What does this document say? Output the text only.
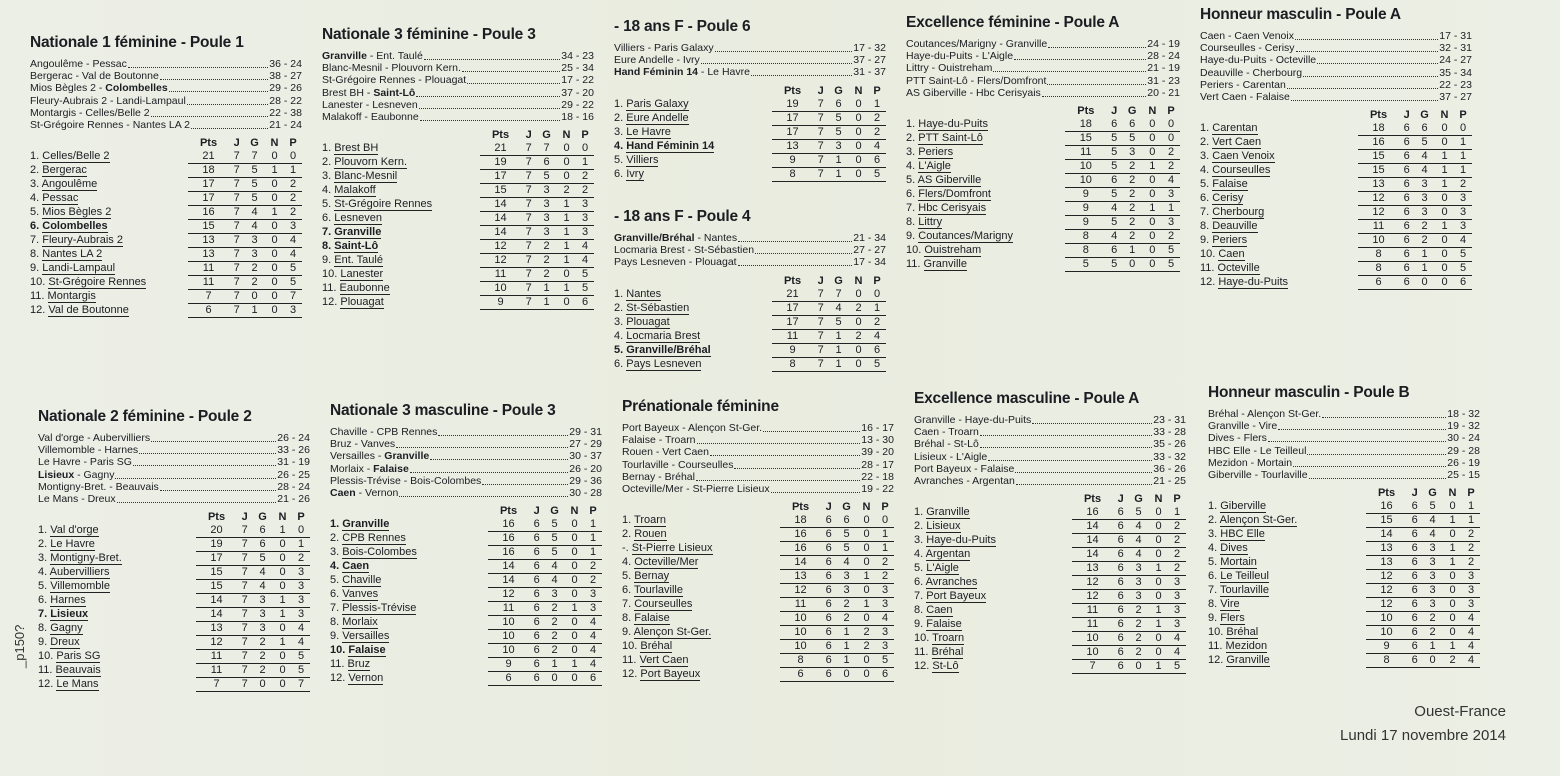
Nationale 1 féminine - Poule 1
Angoulême - Pessac	36 - 24
Bergerac - Val de Boutonne	38 - 27
Mios Bègles 2 - Colombelles	29 - 26
Fleury-Aubrais 2 - Landi-Lampaul	28 - 22
Montargis - Celles/Belle 2	22 - 38
St-Grégoire Rennes - Nantes LA 2	21 - 24
	Pts	J	G	N	P
1. Celles/Belle 2	21	7	7	0	0
2. Bergerac	18	7	5	1	1
3. Angoulême	17	7	5	0	2
4. Pessac	17	7	5	0	2
5. Mios Bègles 2	16	7	4	1	2
6. Colombelles	15	7	4	0	3
7. Fleury-Aubrais 2	13	7	3	0	4
8. Nantes LA 2	13	7	3	0	4
9. Landi-Lampaul	11	7	2	0	5
10. St-Grégoire Rennes	11	7	2	0	5
11. Montargis	7	7	0	0	7
12. Val de Boutonne	6	7	1	0	3
Nationale 3 féminine - Poule 3
Granville - Ent. Taulé	34 - 23
Blanc-Mesnil - Plouvorn Kern.	25 - 34
St-Grégoire Rennes - Plouagat	17 - 22
Brest BH - Saint-Lô	37 - 20
Lanester - Lesneven	29 - 22
Malakoff - Eaubonne	18 - 16
	Pts	J	G	N	P
1. Brest BH	21	7	7	0	0
2. Plouvorn Kern.	19	7	6	0	1
3. Blanc-Mesnil	17	7	5	0	2
4. Malakoff	15	7	3	2	2
5. St-Grégoire Rennes	14	7	3	1	3
6. Lesneven	14	7	3	1	3
7. Granville	14	7	3	1	3
8. Saint-Lô	12	7	2	1	4
9. Ent. Taulé	12	7	2	1	4
10. Lanester	11	7	2	0	5
11. Eaubonne	10	7	1	1	5
12. Plouagat	9	7	1	0	6
- 18 ans F - Poule 6
Villiers - Paris Galaxy	17 - 32
Eure Andelle - Ivry	37 - 27
Hand Féminin 14 - Le Havre	31 - 37
	Pts	J	G	N	P
1. Paris Galaxy	19	7	6	0	1
2. Eure Andelle	17	7	5	0	2
3. Le Havre	17	7	5	0	2
4. Hand Féminin 14	13	7	3	0	4
5. Villiers	9	7	1	0	6
6. Ivry	8	7	1	0	5
Excellence féminine - Poule A
Coutances/Marigny - Granville	24 - 19
Haye-du-Puits - L'Aigle	28 - 24
Littry - Ouistreham	21 - 19
PTT Saint-Lô - Flers/Domfront	31 - 23
AS Giberville - Hbc Cerisyais	20 - 21
	Pts	J	G	N	P
1. Haye-du-Puits	18	6	6	0	0
2. PTT Saint-Lô	15	5	5	0	0
3. Periers	11	5	3	0	2
4. L'Aigle	10	5	2	1	2
5. AS Giberville	10	6	2	0	4
6. Flers/Domfront	9	5	2	0	3
7. Hbc Cerisyais	9	4	2	1	1
8. Littry	9	5	2	0	3
9. Coutances/Marigny	8	4	2	0	2
10. Ouistreham	8	6	1	0	5
11. Granville	5	5	0	0	5
Honneur masculin - Poule A
Caen - Caen Venoix	17 - 31
Courseulles - Cerisy	32 - 31
Haye-du-Puits - Octeville	24 - 27
Deauville - Cherbourg	35 - 34
Periers - Carentan	22 - 23
Vert Caen - Falaise	37 - 27
	Pts	J	G	N	P
1. Carentan	18	6	6	0	0
2. Vert Caen	16	6	5	0	1
3. Caen Venoix	15	6	4	1	1
4. Courseulles	15	6	4	1	1
5. Falaise	13	6	3	1	2
6. Cerisy	12	6	3	0	3
7. Cherbourg	12	6	3	0	3
8. Deauville	11	6	2	1	3
9. Periers	10	6	2	0	4
10. Caen	8	6	1	0	5
11. Octeville	8	6	1	0	5
12. Haye-du-Puits	6	6	0	0	6
- 18 ans F - Poule 4
Granville/Bréhal - Nantes	21 - 34
Locmaria Brest - St-Sébastien	27 - 27
Pays Lesneven - Plouagat	17 - 34
	Pts	J	G	N	P
1. Nantes	21	7	7	0	0
2. St-Sébastien	17	7	4	2	1
3. Plouagat	17	7	5	0	2
4. Locmaria Brest	11	7	1	2	4
5. Granville/Bréhal	9	7	1	0	6
6. Pays Lesneven	8	7	1	0	5
Nationale 2 féminine - Poule 2
Val d'orge - Aubervilliers	26 - 24
Villemomble - Harnes	33 - 26
Le Havre - Paris SG	31 - 19
Lisieux - Gagny	26 - 25
Montigny-Bret. - Beauvais	28 - 24
Le Mans - Dreux	21 - 26
	Pts	J	G	N	P
1. Val d'orge	20	7	6	1	0
2. Le Havre	19	7	6	0	1
3. Montigny-Bret.	17	7	5	0	2
4. Aubervilliers	15	7	4	0	3
5. Villemomble	15	7	4	0	3
6. Harnes	14	7	3	1	3
7. Lisieux	14	7	3	1	3
8. Gagny	13	7	3	0	4
9. Dreux	12	7	2	1	4
10. Paris SG	11	7	2	0	5
11. Beauvais	11	7	2	0	5
12. Le Mans	7	7	0	0	7
Nationale 3 masculine - Poule 3
Chaville - CPB Rennes	29 - 31
Bruz - Vanves	27 - 29
Versailles - Granville	30 - 37
Morlaix - Falaise	26 - 20
Plessis-Trévise - Bois-Colombes	29 - 36
Caen - Vernon	30 - 28
	Pts	J	G	N	P
1. Granville	16	6	5	0	1
2. CPB Rennes	16	6	5	0	1
3. Bois-Colombes	16	6	5	0	1
4. Caen	14	6	4	0	2
5. Chaville	14	6	4	0	2
6. Vanves	12	6	3	0	3
7. Plessis-Trévise	11	6	2	1	3
8. Morlaix	10	6	2	0	4
9. Versailles	10	6	2	0	4
10. Falaise	10	6	2	0	4
11. Bruz	9	6	1	1	4
12. Vernon	6	6	0	0	6
Prénationale féminine
Port Bayeux - Alençon St-Ger.	16 - 17
Falaise - Troarn	13 - 30
Rouen - Vert Caen	39 - 20
Tourlaville - Courseulles	28 - 17
Bernay - Bréhal	22 - 18
Octeville/Mer - St-Pierre Lisieux	19 - 22
	Pts	J	G	N	P
1. Troarn	18	6	6	0	0
2. Rouen	16	6	5	0	1
-. St-Pierre Lisieux	16	6	5	0	1
4. Octeville/Mer	14	6	4	0	2
5. Bernay	13	6	3	1	2
6. Tourlaville	12	6	3	0	3
7. Courseulles	11	6	2	1	3
8. Falaise	10	6	2	0	4
9. Alençon St-Ger.	10	6	1	2	3
10. Bréhal	10	6	1	2	3
11. Vert Caen	8	6	1	0	5
12. Port Bayeux	6	6	0	0	6
Excellence masculine - Poule A
Granville - Haye-du-Puits	23 - 31
Caen - Troarn	33 - 28
Bréhal - St-Lô	35 - 26
Lisieux - L'Aigle	33 - 32
Port Bayeux - Falaise	36 - 26
Avranches - Argentan	21 - 25
	Pts	J	G	N	P
1. Granville	16	6	5	0	1
2. Lisieux	14	6	4	0	2
3. Haye-du-Puits	14	6	4	0	2
4. Argentan	14	6	4	0	2
5. L'Aigle	13	6	3	1	2
6. Avranches	12	6	3	0	3
7. Port Bayeux	12	6	3	0	3
8. Caen	11	6	2	1	3
9. Falaise	11	6	2	1	3
10. Troarn	10	6	2	0	4
11. Bréhal	10	6	2	0	4
12. St-Lô	7	6	0	1	5
Honneur masculin - Poule B
Bréhal - Alençon St-Ger.	18 - 32
Granville - Vire	19 - 32
Dives - Flers	30 - 24
HBC Elle - Le Teilleul	29 - 28
Mezidon - Mortain	26 - 19
Giberville - Tourlaville	25 - 15
	Pts	J	G	N	P
1. Giberville	16	6	5	0	1
2. Alençon St-Ger.	15	6	4	1	1
3. HBC Elle	14	6	4	0	2
4. Dives	13	6	3	1	2
5. Mortain	13	6	3	1	2
6. Le Teilleul	12	6	3	0	3
7. Tourlaville	12	6	3	0	3
8. Vire	12	6	3	0	3
9. Flers	10	6	2	0	4
10. Bréhal	10	6	2	0	4
11. Mezidon	9	6	1	1	4
12. Granville	8	6	0	2	4
Ouest-France
Lundi 17 novembre 2014
_p150?
